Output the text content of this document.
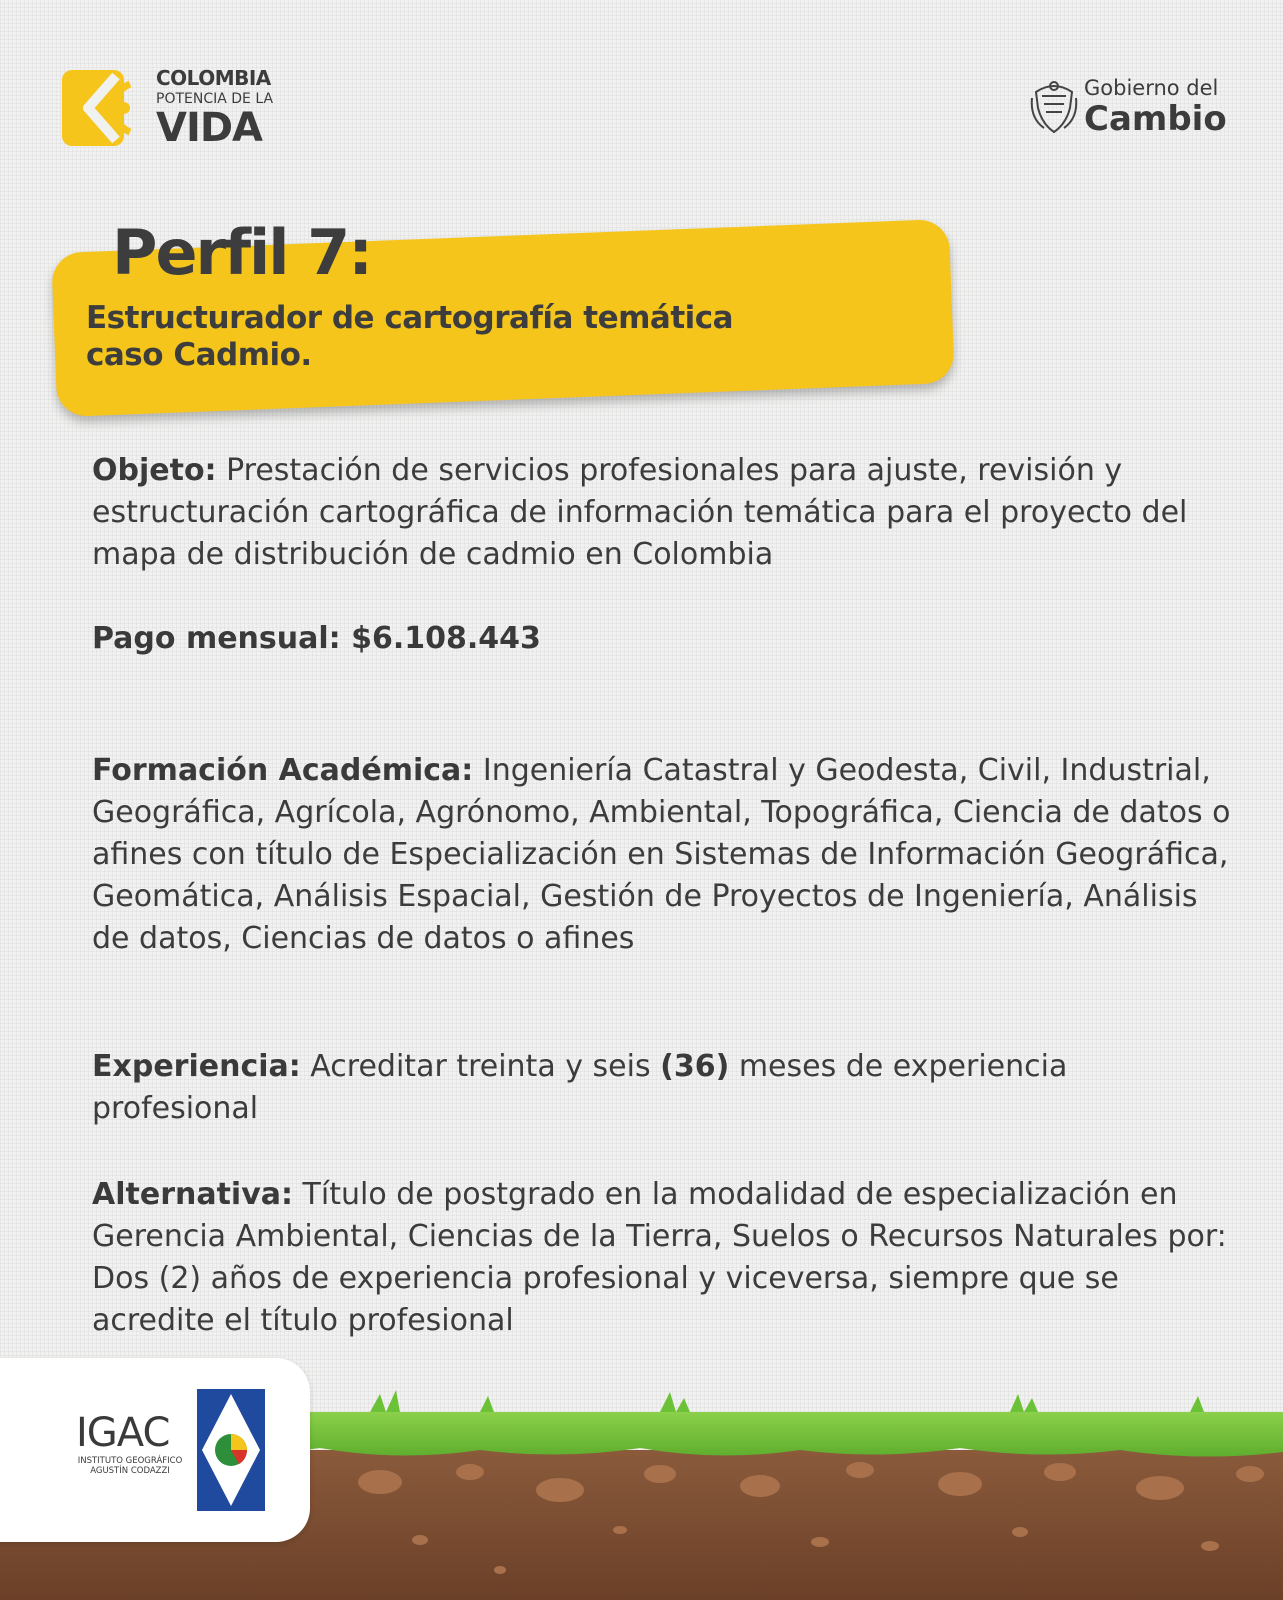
COLOMBIA
POTENCIA DE LA
VIDA
Gobierno del
Cambio
Perfil 7:
Estructurador de cartografía temática
caso Cadmio.

Objeto: Prestación de servicios profesionales para ajuste, revisión y estructuración cartográfica de información temática para el proyecto del mapa de distribución de cadmio en Colombia

Pago mensual: $6.108.443

Formación Académica: Ingeniería Catastral y Geodesta, Civil, Industrial, Geográfica, Agrícola, Agrónomo, Ambiental, Topográfica, Ciencia de datos o afines con título de Especialización en Sistemas de Información Geográfica, Geomática, Análisis Espacial, Gestión de Proyectos de Ingeniería, Análisis de datos, Ciencias de datos o afines

Experiencia: Acreditar treinta y seis (36) meses de experiencia profesional

Alternativa: Título de postgrado en la modalidad de especialización en Gerencia Ambiental, Ciencias de la Tierra, Suelos o Recursos Naturales por: Dos (2) años de experiencia profesional y viceversa, siempre que se acredite el título profesional

IGAC
INSTITUTO GEOGRÁFICO
AGUSTÍN CODAZZI
